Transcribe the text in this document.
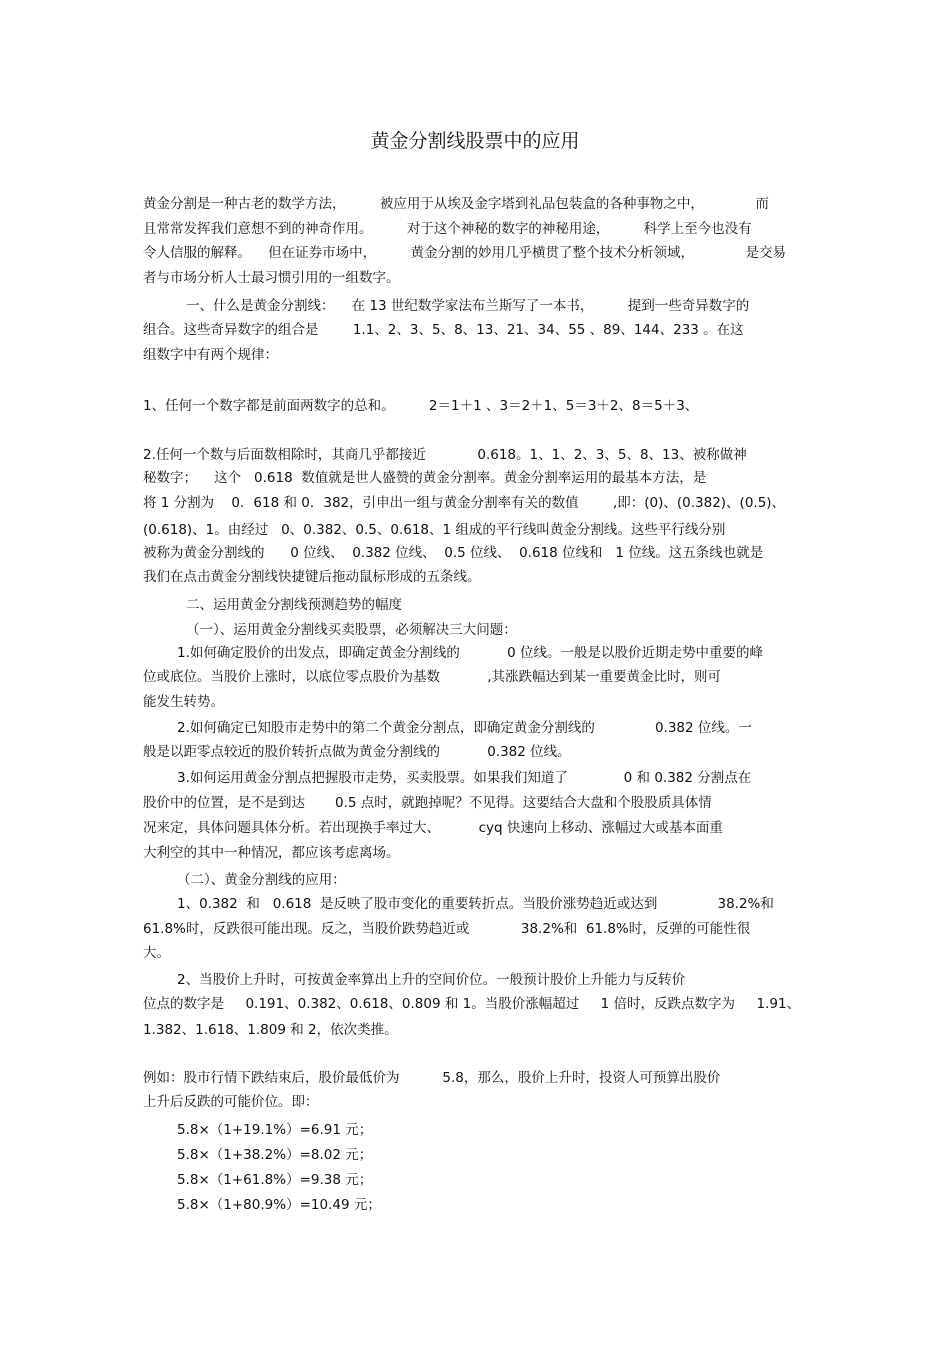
黄金分割线股票中的应用
黄金分割是一种古老的数学方法，        被应用于从埃及金字塔到礼品包装盒的各种事物之中，            而
且常常发挥我们意想不到的神奇作用。        对于这个神秘的数字的神秘用途，        科学上至今也没有
令人信服的解释。    但在证券市场中，        黄金分割的妙用几乎横贯了整个技术分析领域，            是交易
者与市场分析人士最习惯引用的一组数字。
一、什么是黄金分割线：    在 13 世纪数学家法布兰斯写了一本书，        提到一些奇异数字的
组合。这些奇异数字的组合是        1.1、2、3、5、8、13、21、34、55 、89、144、233 。在这
组数字中有两个规律：
1、任何一个数字都是前面两数字的总和。        2＝1＋1 、3＝2＋1、5＝3＋2、8＝5＋3、
2.任何一个数与后面数相除时，其商几乎都接近            0.618。1、1、2、3、5、8、13、被称做神
秘数字；    这个   0.618  数值就是世人盛赞的黄金分割率。黄金分割率运用的最基本方法，是
将 1 分割为    0．618 和 0．382，引申出一组与黄金分割率有关的数值        ,即：(0)、(0.382)、(0.5)、
(0.618)、1。由经过   0、0.382、0.5、0.618、1 组成的平行线叫黄金分割线。这些平行线分别
被称为黄金分割线的      0 位线、  0.382 位线、  0.5 位线、  0.618 位线和   1 位线。这五条线也就是
我们在点击黄金分割线快捷键后拖动鼠标形成的五条线。
二、运用黄金分割线预测趋势的幅度
（一）、运用黄金分割线买卖股票，必须解决三大问题：
1.如何确定股价的出发点，即确定黄金分割线的           0 位线。一般是以股价近期走势中重要的峰
位或底位。当股价上涨时，以底位零点股价为基数           ,其涨跌幅达到某一重要黄金比时，则可
能发生转势。
2.如何确定已知股市走势中的第二个黄金分割点，即确定黄金分割线的              0.382 位线。一
般是以距零点较近的股价转折点做为黄金分割线的           0.382 位线。
3.如何运用黄金分割点把握股市走势，买卖股票。如果我们知道了             0 和 0.382 分割点在
股价中的位置，是不是到达       0.5 点时，就跑掉呢？不见得。这要结合大盘和个股股质具体情
况来定，具体问题具体分析。若出现换手率过大、         cyq 快速向上移动、涨幅过大或基本面重
大利空的其中一种情况，都应该考虑离场。
（二）、黄金分割线的应用：
1、0.382  和   0.618  是反映了股市变化的重要转折点。当股价涨势趋近或达到              38.2%和
61.8%时，反跌很可能出现。反之，当股价跌势趋近或            38.2%和  61.8%时，反弹的可能性很
大。
2、当股价上升时，可按黄金率算出上升的空间价位。一般预计股价上升能力与反转价
位点的数字是     0.191、0.382、0.618、0.809 和 1。当股价涨幅超过     1 倍时，反跌点数字为     1.91、
1.382、1.618、1.809 和 2，依次类推。
例如：股市行情下跌结束后，股价最低价为          5.8，那么，股价上升时，投资人可预算出股价
上升后反跌的可能价位。即：
5.8×（1+19.1%）=6.91 元；
5.8×（1+38.2%）=8.02 元；
5.8×（1+61.8%）=9.38 元；
5.8×（1+80.9%）=10.49 元；
